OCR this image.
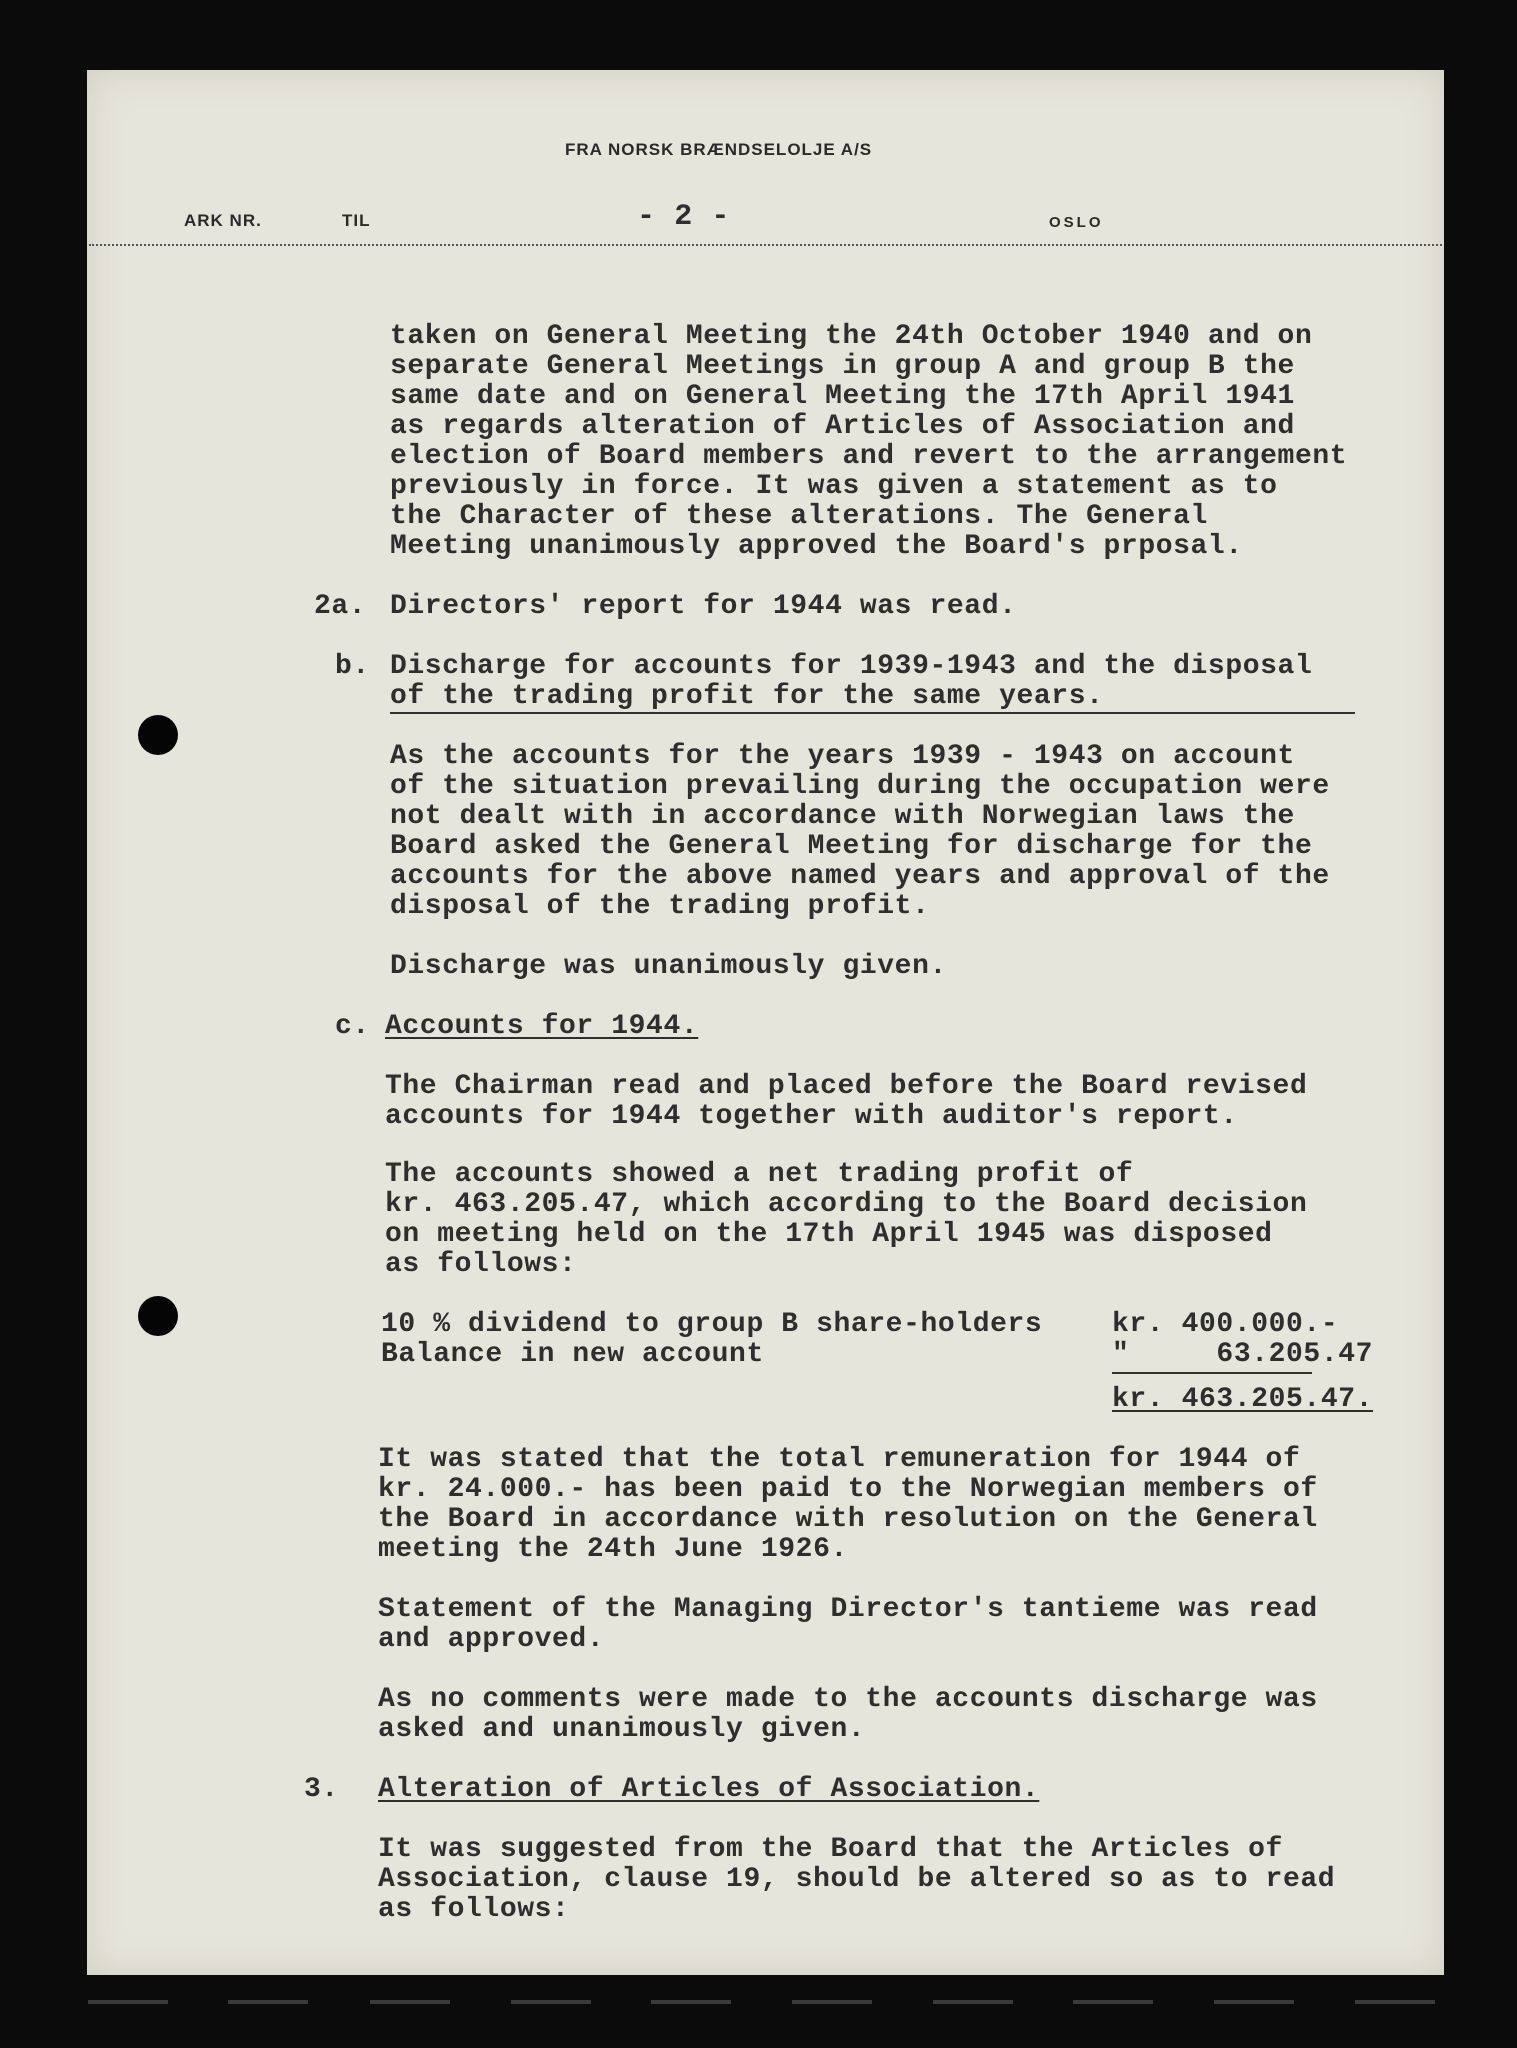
FRA NORSK BRÆNDSELOLJE A/S
ARK NR.	TIL	- 2 -	OSLO

taken on General Meeting the 24th October 1940 and on

separate General Meetings in group A and group B the

same date and on General Meeting the 17th April 1941

as regards alteration of Articles of Association and

election of Board members and revert to the arrangement

previously in force. It was given a statement as to

the Character of these alterations. The General

Meeting unanimously approved the Board's prposal.

2a. Directors' report for 1944 was read.

b. Discharge for accounts for 1939-1943 and the disposal

of the trading profit for the same years.

As the accounts for the years 1939 - 1943 on account

of the situation prevailing during the occupation were

not dealt with in accordance with Norwegian laws the

Board asked the General Meeting for discharge for the

accounts for the above named years and approval of the

disposal of the trading profit.

Discharge was unanimously given.

c. Accounts for 1944.

The Chairman read and placed before the Board revised

accounts for 1944 together with auditor's report.

The accounts showed a net trading profit of

kr. 463.205.47, which according to the Board decision

on meeting held on the 17th April 1945 was disposed

as follows:

10 % dividend to group B share-holders kr. 400.000.-

Balance in new account	"     63.205.47

kr. 463.205.47.

It was stated that the total remuneration for 1944 of

kr. 24.000.- has been paid to the Norwegian members of

the Board in accordance with resolution on the General

meeting the 24th June 1926.

Statement of the Managing Director's tantieme was read

and approved.

As no comments were made to the accounts discharge was

asked and unanimously given.

3. Alteration of Articles of Association.

It was suggested from the Board that the Articles of

Association, clause 19, should be altered so as to read

as follows:
